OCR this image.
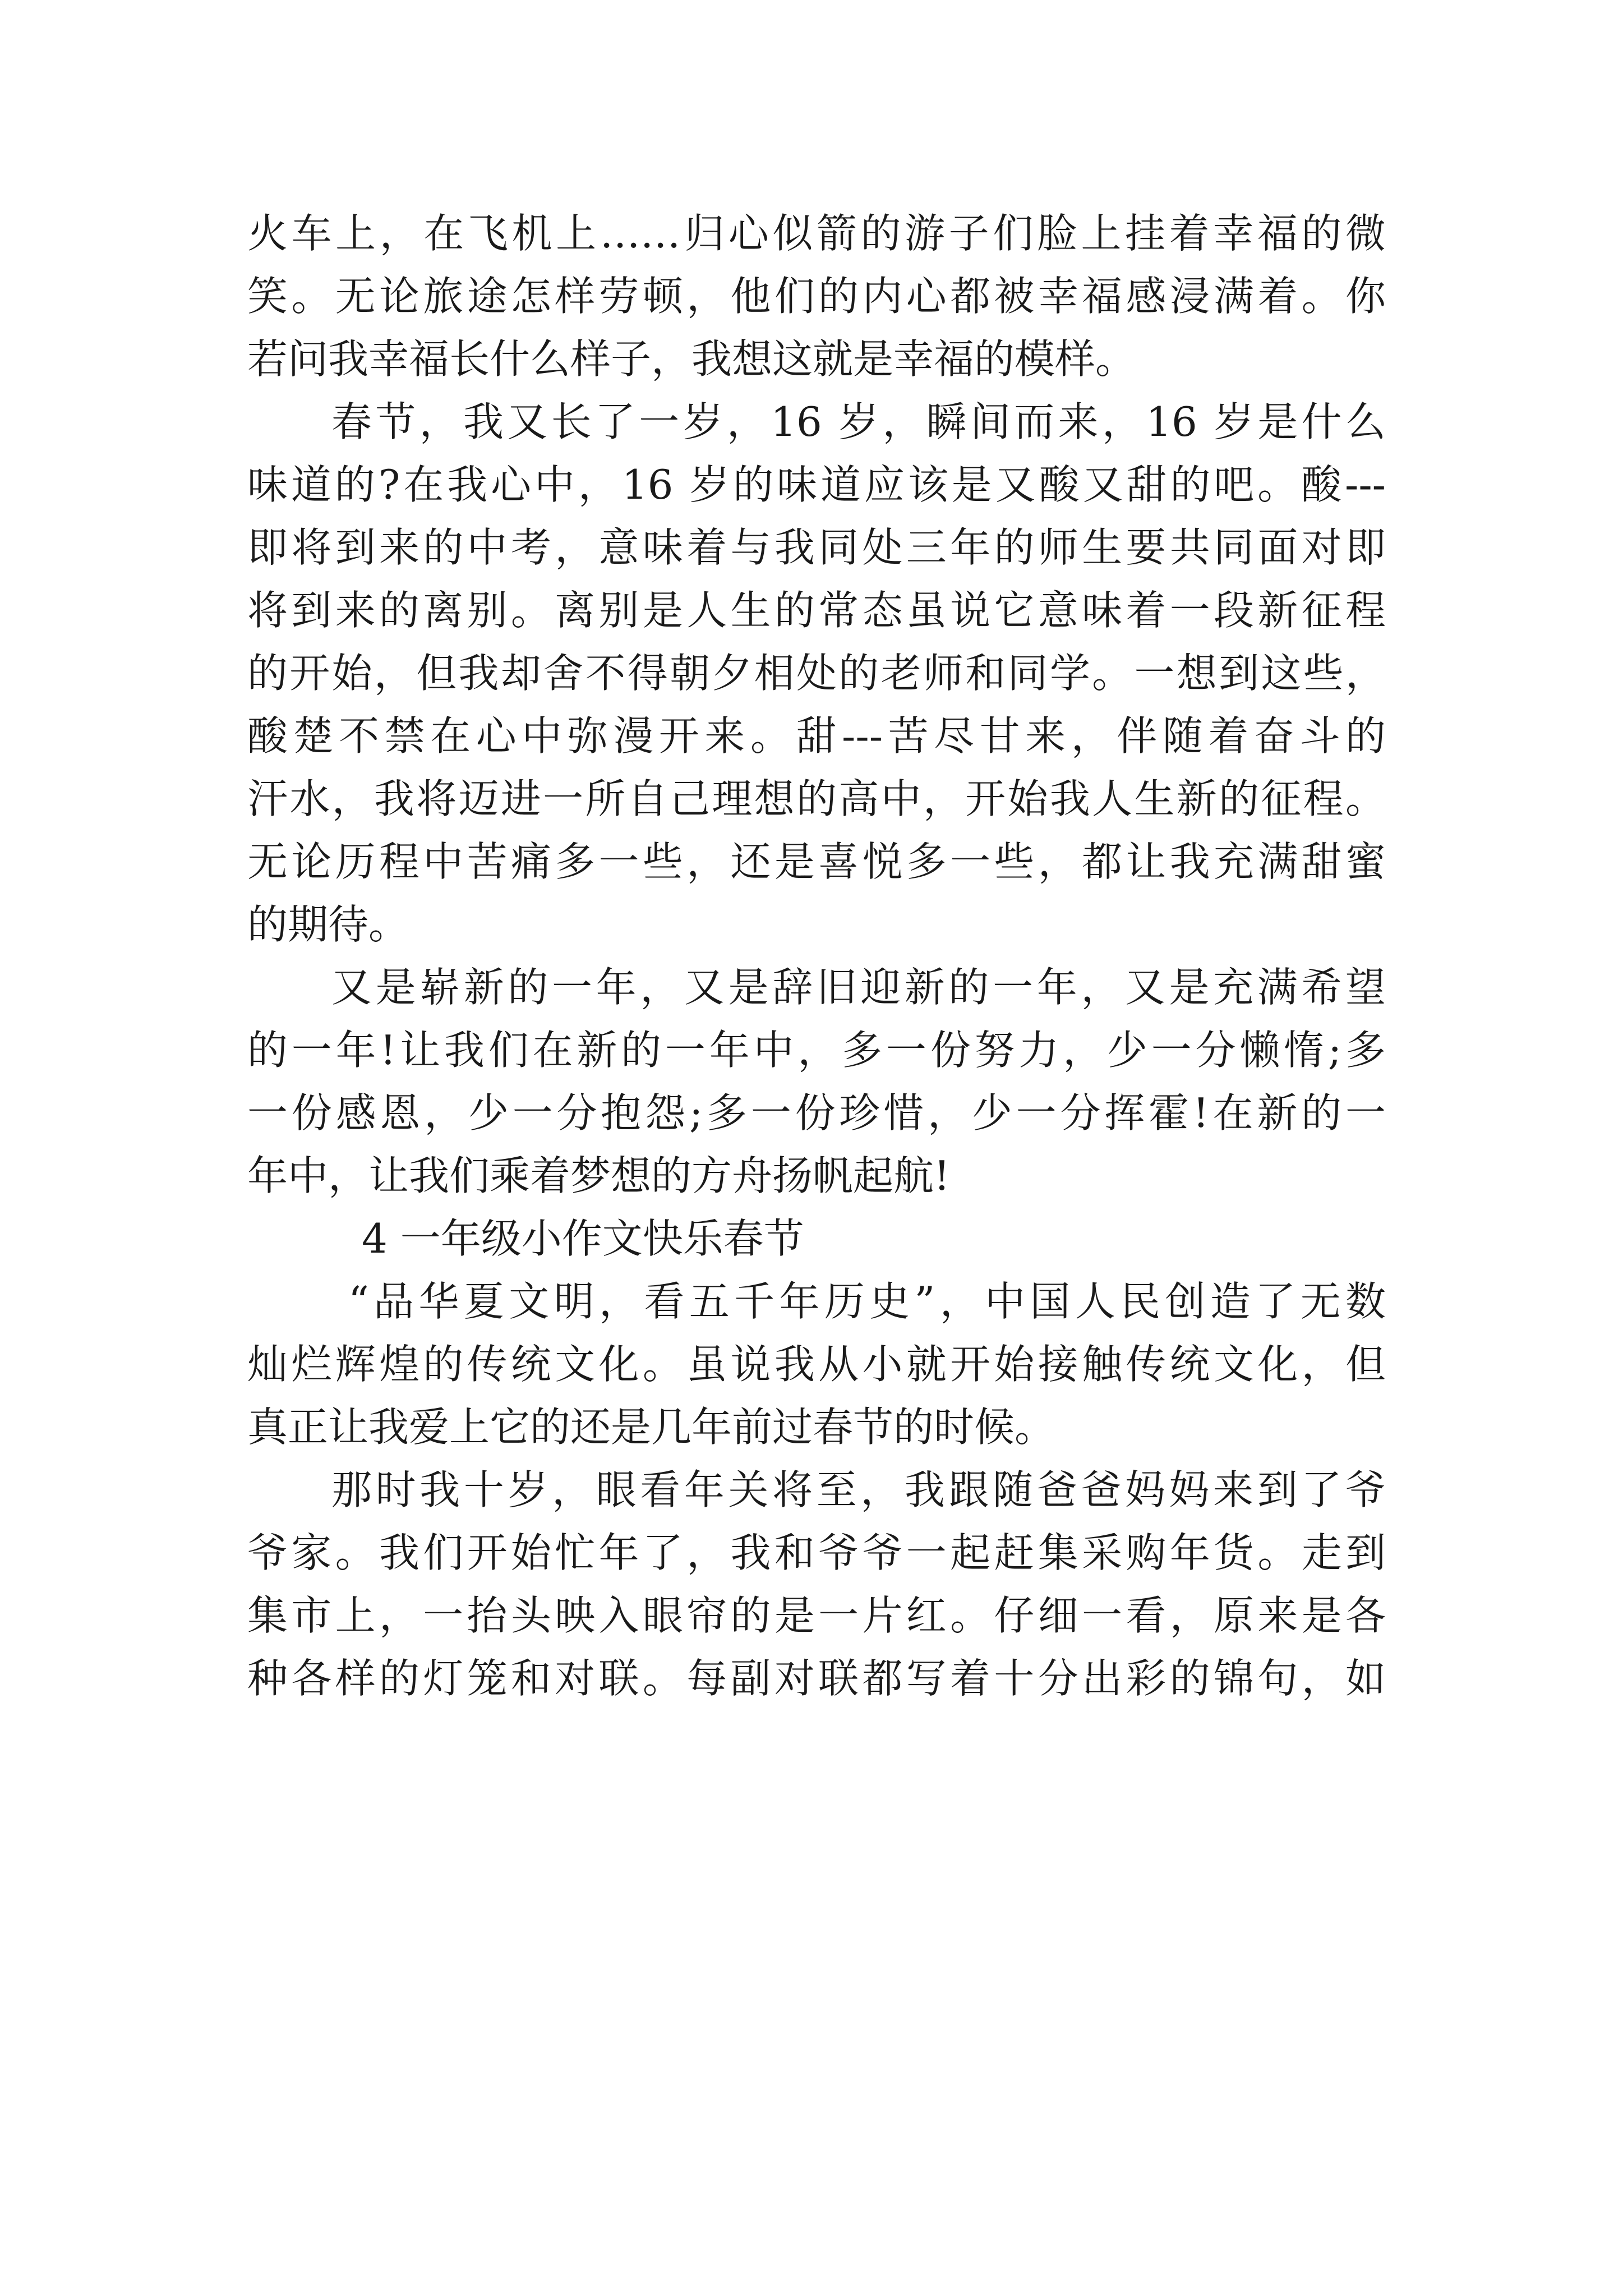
火车上，在飞机上……归心似箭的游子们脸上挂着幸福的微
笑。无论旅途怎样劳顿，他们的内心都被幸福感浸满着。你
若问我幸福长什么样子，我想这就是幸福的模样。
春节，我又长了一岁，16 岁，瞬间而来，16 岁是什么
味道的?在我心中，16 岁的味道应该是又酸又甜的吧。酸---
即将到来的中考，意味着与我同处三年的师生要共同面对即
将到来的离别。离别是人生的常态虽说它意味着一段新征程
的开始，但我却舍不得朝夕相处的老师和同学。一想到这些，
酸楚不禁在心中弥漫开来。甜---苦尽甘来，伴随着奋斗的
汗水，我将迈进一所自己理想的高中，开始我人生新的征程。
无论历程中苦痛多一些，还是喜悦多一些，都让我充满甜蜜
的期待。
又是崭新的一年，又是辞旧迎新的一年，又是充满希望
的一年!让我们在新的一年中，多一份努力，少一分懒惰;多
一份感恩，少一分抱怨;多一份珍惜，少一分挥霍!在新的一
年中，让我们乘着梦想的方舟扬帆起航!
4 一年级小作文快乐春节
“品华夏文明，看五千年历史”，中国人民创造了无数
灿烂辉煌的传统文化。虽说我从小就开始接触传统文化，但
真正让我爱上它的还是几年前过春节的时候。
那时我十岁，眼看年关将至，我跟随爸爸妈妈来到了爷
爷家。我们开始忙年了，我和爷爷一起赶集采购年货。走到
集市上，一抬头映入眼帘的是一片红。仔细一看，原来是各
种各样的灯笼和对联。每副对联都写着十分出彩的锦句，如
